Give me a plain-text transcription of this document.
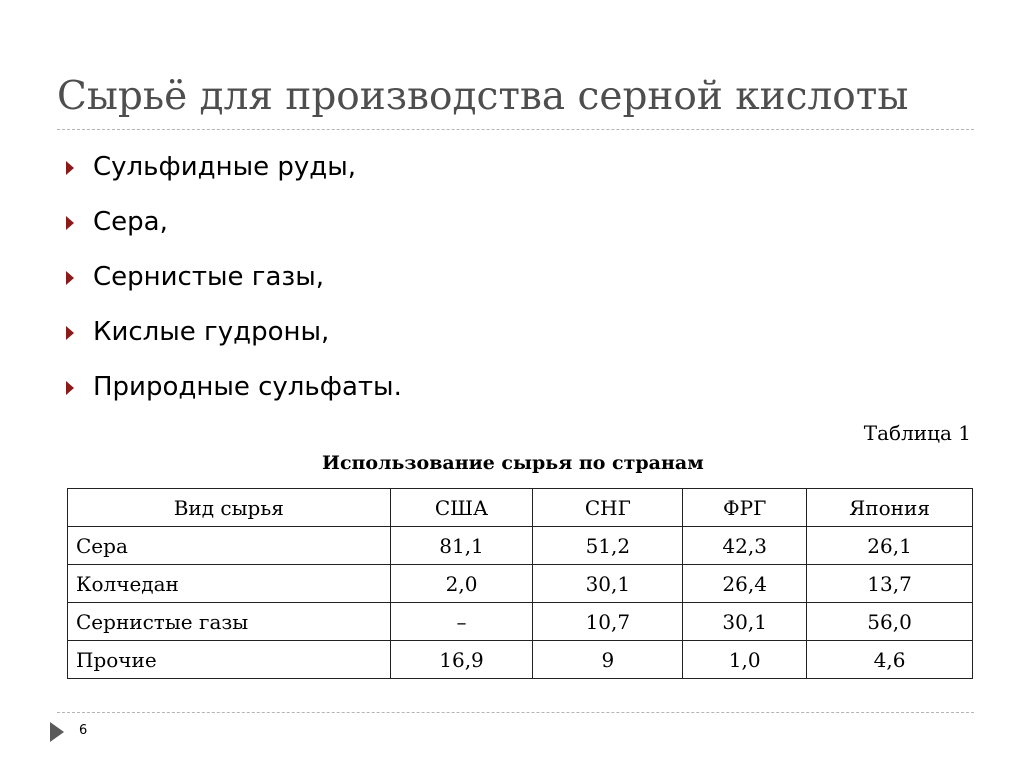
Сырьё для производства серной кислоты
Сульфидные руды,
Сера,
Сернистые газы,
Кислые гудроны,
Природные сульфаты.

Таблица 1

Использование сырья по странам

Вид сырья	США	СНГ	ФРГ	Япония
Сера	81,1	51,2	42,3	26,1
Колчедан	2,0	30,1	26,4	13,7
Сернистые газы	–	10,7	30,1	56,0
Прочие	16,9	9	1,0	4,6
6
